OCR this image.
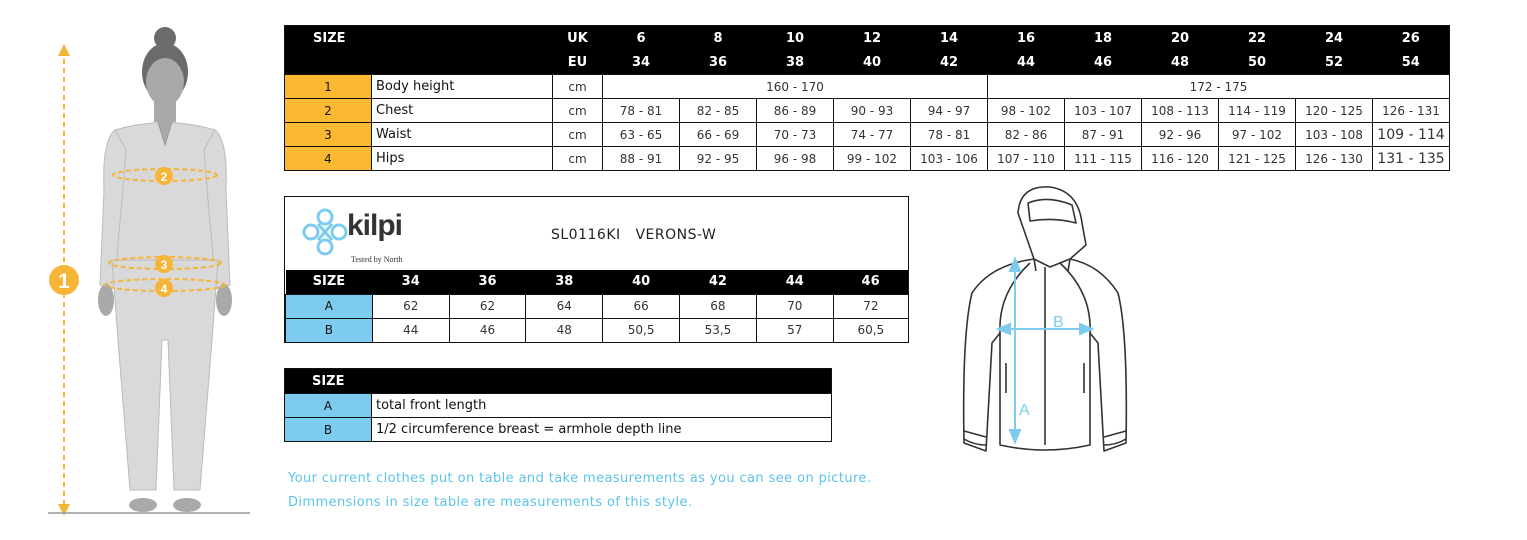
1
2
3
4
SIZE		UK	6	8	10	12	14	16	18	20	22	24	26
		EU	34	36	38	40	42	44	46	48	50	52	54
1	Body height	cm	160 - 170					172 - 175					
2	Chest	cm	78 - 81	82 - 85	86 - 89	90 - 93	94 - 97	98 - 102	103 - 107	108 - 113	114 - 119	120 - 125	126 - 131
3	Waist	cm	63 - 65	66 - 69	70 - 73	74 - 77	78 - 81	82 - 86	87 - 91	92 - 96	97 - 102	103 - 108	109 - 114
4	Hips	cm	88 - 91	92 - 95	96 - 98	99 - 102	103 - 106	107 - 110	111 - 115	116 - 120	121 - 125	126 - 130	131 - 135
kilpi
Tested by North
SL0116KI   VERONS-W
SIZE	34	36	38	40	42	44	46
A	62	62	64	66	68	70	72
B	44	46	48	50,5	53,5	57	60,5
SIZE	
A	total front length
B	1/2 circumference breast = armhole depth line
Your current clothes put on table and take measurements as you can see on picture.
Dimmensions in size table are measurements of this style.
A
B
